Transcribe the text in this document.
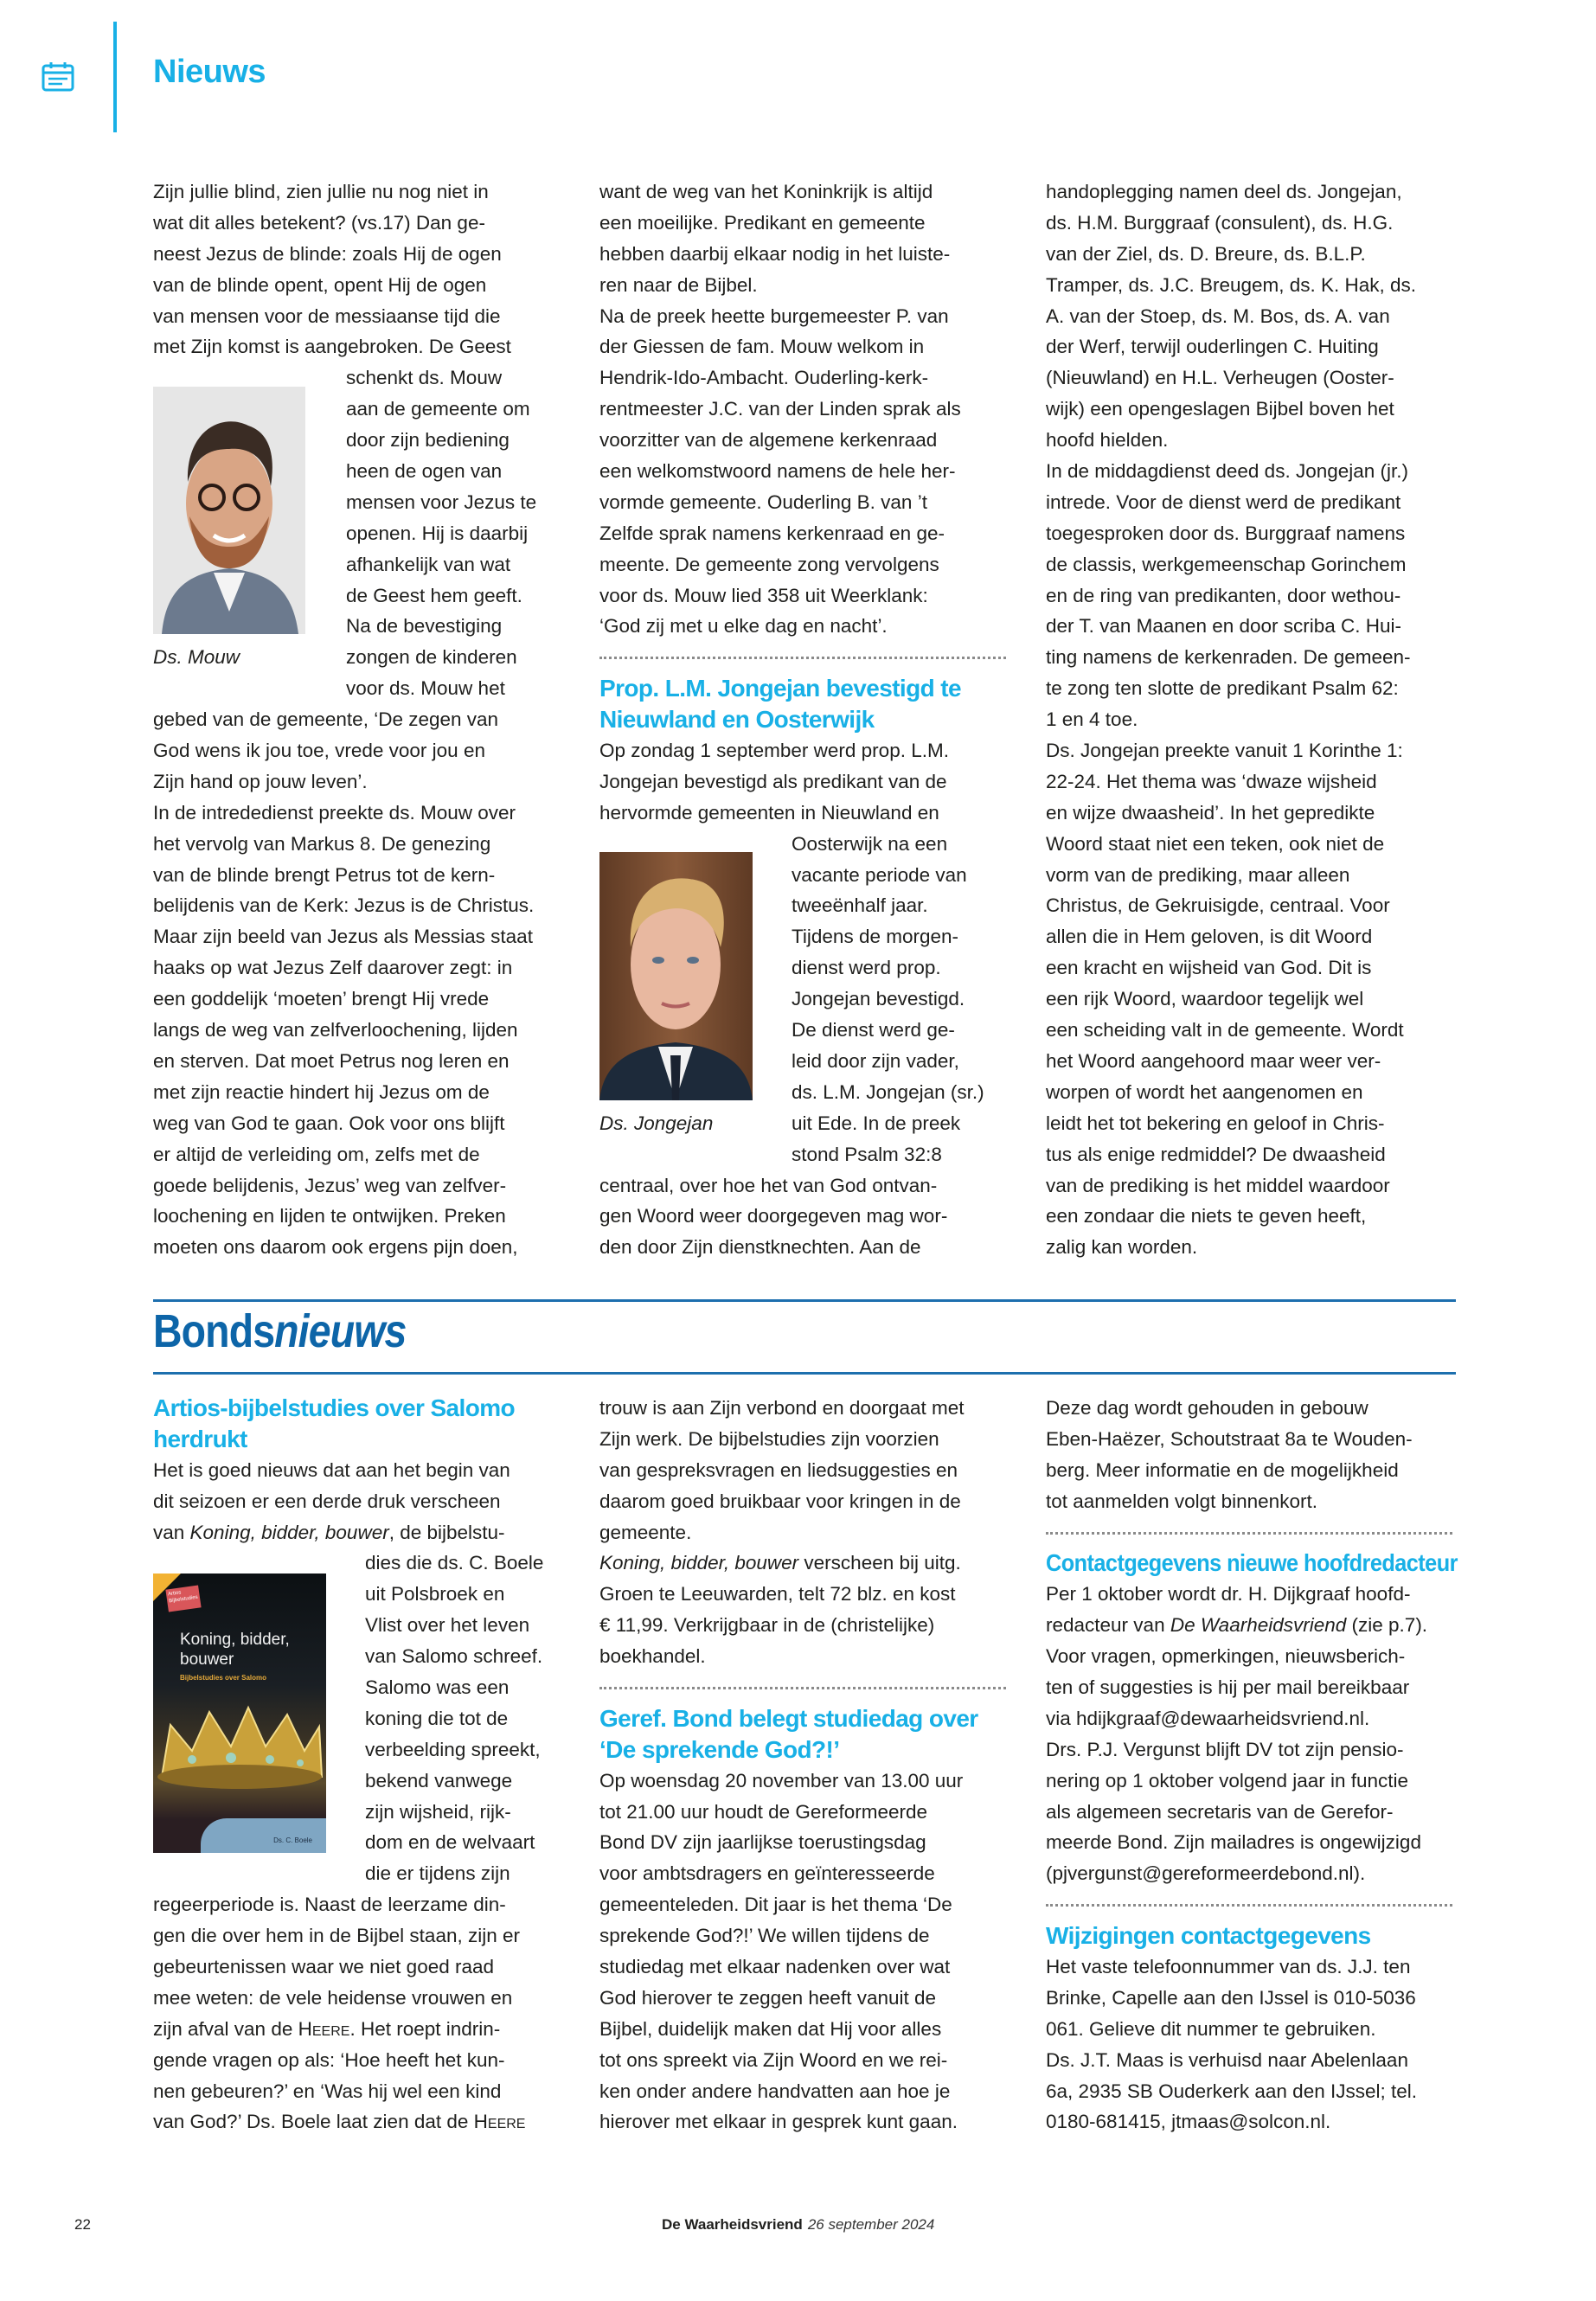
Nieuws
Zijn jullie blind, zien jullie nu nog niet in
wat dit alles betekent? (vs.17) Dan ge-
neest Jezus de blinde: zoals Hij de ogen
van de blinde opent, opent Hij de ogen
van mensen voor de messiaanse tijd die
met Zijn komst is aangebroken. De Geest
schenkt ds. Mouw
aan de gemeente om
door zijn bediening
heen de ogen van
mensen voor Jezus te
openen. Hij is daarbij
afhankelijk van wat
de Geest hem geeft.
Na de bevestiging
zongen de kinderen
voor ds. Mouw het
gebed van de gemeente, ‘De zegen van
God wens ik jou toe, vrede voor jou en
Zijn hand op jouw leven’.
In de intrededienst preekte ds. Mouw over
het vervolg van Markus 8. De genezing
van de blinde brengt Petrus tot de kern-
belijdenis van de Kerk: Jezus is de Christus.
Maar zijn beeld van Jezus als Messias staat
haaks op wat Jezus Zelf daarover zegt: in
een goddelijk ‘moeten’ brengt Hij vrede
langs de weg van zelfverloochening, lijden
en sterven. Dat moet Petrus nog leren en
met zijn reactie hindert hij Jezus om de
weg van God te gaan. Ook voor ons blijft
er altijd de verleiding om, zelfs met de
goede belijdenis, Jezus’ weg van zelfver-
loochening en lijden te ontwijken. Preken
moeten ons daarom ook ergens pijn doen,
want de weg van het Koninkrijk is altijd
een moeilijke. Predikant en gemeente
hebben daarbij elkaar nodig in het luiste-
ren naar de Bijbel.
Na de preek heette burgemeester P. van
der Giessen de fam. Mouw welkom in
Hendrik-Ido-Ambacht. Ouderling-kerk-
rentmeester J.C. van der Linden sprak als
voorzitter van de algemene kerkenraad
een welkomstwoord namens de hele her-
vormde gemeente. Ouderling B. van ’t
Zelfde sprak namens kerkenraad en ge-
meente. De gemeente zong vervolgens
voor ds. Mouw lied 358 uit Weerklank:
‘God zij met u elke dag en nacht’.
Prop. L.M. Jongejan bevestigd te
Nieuwland en Oosterwijk
Op zondag 1 september werd prop. L.M.
Jongejan bevestigd als predikant van de
hervormde gemeenten in Nieuwland en
Oosterwijk na een
vacante periode van
tweeënhalf jaar.
Tijdens de morgen-
dienst werd prop.
Jongejan bevestigd.
De dienst werd ge-
leid door zijn vader,
ds. L.M. Jongejan (sr.)
uit Ede. In de preek
stond Psalm 32:8
centraal, over hoe het van God ontvan-
gen Woord weer doorgegeven mag wor-
den door Zijn dienstknechten. Aan de
handoplegging namen deel ds. Jongejan,
ds. H.M. Burggraaf (consulent), ds. H.G.
van der Ziel, ds. D. Breure, ds. B.L.P.
Tramper, ds. J.C. Breugem, ds. K. Hak, ds.
A. van der Stoep, ds. M. Bos, ds. A. van
der Werf, terwijl ouderlingen C. Huiting
(Nieuwland) en H.L. Verheugen (Ooster-
wijk) een opengeslagen Bijbel boven het
hoofd hielden.
In de middagdienst deed ds. Jongejan (jr.)
intrede. Voor de dienst werd de predikant
toegesproken door ds. Burggraaf namens
de classis, werkgemeenschap Gorinchem
en de ring van predikanten, door wethou-
der T. van Maanen en door scriba C. Hui-
ting namens de kerkenraden. De gemeen-
te zong ten slotte de predikant Psalm 62:
1 en 4 toe.
Ds. Jongejan preekte vanuit 1 Korinthe 1:
22-24. Het thema was ‘dwaze wijsheid
en wijze dwaasheid’. In het gepredikte
Woord staat niet een teken, ook niet de
vorm van de prediking, maar alleen
Christus, de Gekruisigde, centraal. Voor
allen die in Hem geloven, is dit Woord
een kracht en wijsheid van God. Dit is
een rijk Woord, waardoor tegelijk wel
een scheiding valt in de gemeente. Wordt
het Woord aangehoord maar weer ver-
worpen of wordt het aangenomen en
leidt het tot bekering en geloof in Chris-
tus als enige redmiddel? De dwaasheid
van de prediking is het middel waardoor
een zondaar die niets te geven heeft,
zalig kan worden.
Ds. Mouw
Ds. Jongejan
Bondsnieuws
Artios-bijbelstudies over Salomo
herdrukt
Het is goed nieuws dat aan het begin van
dit seizoen er een derde druk verscheen
van Koning, bidder, bouwer, de bijbelstu-
dies die ds. C. Boele
uit Polsbroek en
Vlist over het leven
van Salomo schreef.
Salomo was een
koning die tot de
verbeelding spreekt,
bekend vanwege
zijn wijsheid, rijk-
dom en de welvaart
die er tijdens zijn
regeerperiode is. Naast de leerzame din-
gen die over hem in de Bijbel staan, zijn er
gebeurtenissen waar we niet goed raad
mee weten: de vele heidense vrouwen en
zijn afval van de Heere. Het roept indrin-
gende vragen op als: ‘Hoe heeft het kun-
nen gebeuren?’ en ‘Was hij wel een kind
van God?’ Ds. Boele laat zien dat de Heere
trouw is aan Zijn verbond en doorgaat met
Zijn werk. De bijbelstudies zijn voorzien
van gespreksvragen en liedsuggesties en
daarom goed bruikbaar voor kringen in de
gemeente.
Koning, bidder, bouwer verscheen bij uitg.
Groen te Leeuwarden, telt 72 blz. en kost
€ 11,99. Verkrijgbaar in de (christelijke)
boekhandel.
Geref. Bond belegt studiedag over
‘De sprekende God?!’
Op woensdag 20 november van 13.00 uur
tot 21.00 uur houdt de Gereformeerde
Bond DV zijn jaarlijkse toerustingsdag
voor ambtsdragers en geïnteresseerde
gemeenteleden. Dit jaar is het thema ‘De
sprekende God?!’ We willen tijdens de
studiedag met elkaar nadenken over wat
God hierover te zeggen heeft vanuit de
Bijbel, duidelijk maken dat Hij voor alles
tot ons spreekt via Zijn Woord en we rei-
ken onder andere handvatten aan hoe je
hierover met elkaar in gesprek kunt gaan.
Deze dag wordt gehouden in gebouw
Eben-Haëzer, Schoutstraat 8a te Wouden-
berg. Meer informatie en de mogelijkheid
tot aanmelden volgt binnenkort.
Contactgegevens nieuwe hoofdredacteur
Per 1 oktober wordt dr. H. Dijkgraaf hoofd-
redacteur van De Waarheidsvriend (zie p.7).
Voor vragen, opmerkingen, nieuwsberich-
ten of suggesties is hij per mail bereikbaar
via hdijkgraaf@dewaarheidsvriend.nl.
Drs. P.J. Vergunst blijft DV tot zijn pensio-
nering op 1 oktober volgend jaar in functie
als algemeen secretaris van de Gerefor-
meerde Bond. Zijn mailadres is ongewijzigd
(pjvergunst@gereformeerdebond.nl).
Wijzigingen contactgegevens
Het vaste telefoonnummer van ds. J.J. ten
Brinke, Capelle aan den IJssel is 010-5036
061. Gelieve dit nummer te gebruiken.
Ds. J.T. Maas is verhuisd naar Abelenlaan
6a, 2935 SB Ouderkerk aan den IJssel; tel.
0180-681415, jtmaas@solcon.nl.
Artios Bijbelstudies
Koning, bidder, bouwer
Bijbelstudies over Salomo
Ds. C. Boele
22	De Waarheidsvriend 26 september 2024
